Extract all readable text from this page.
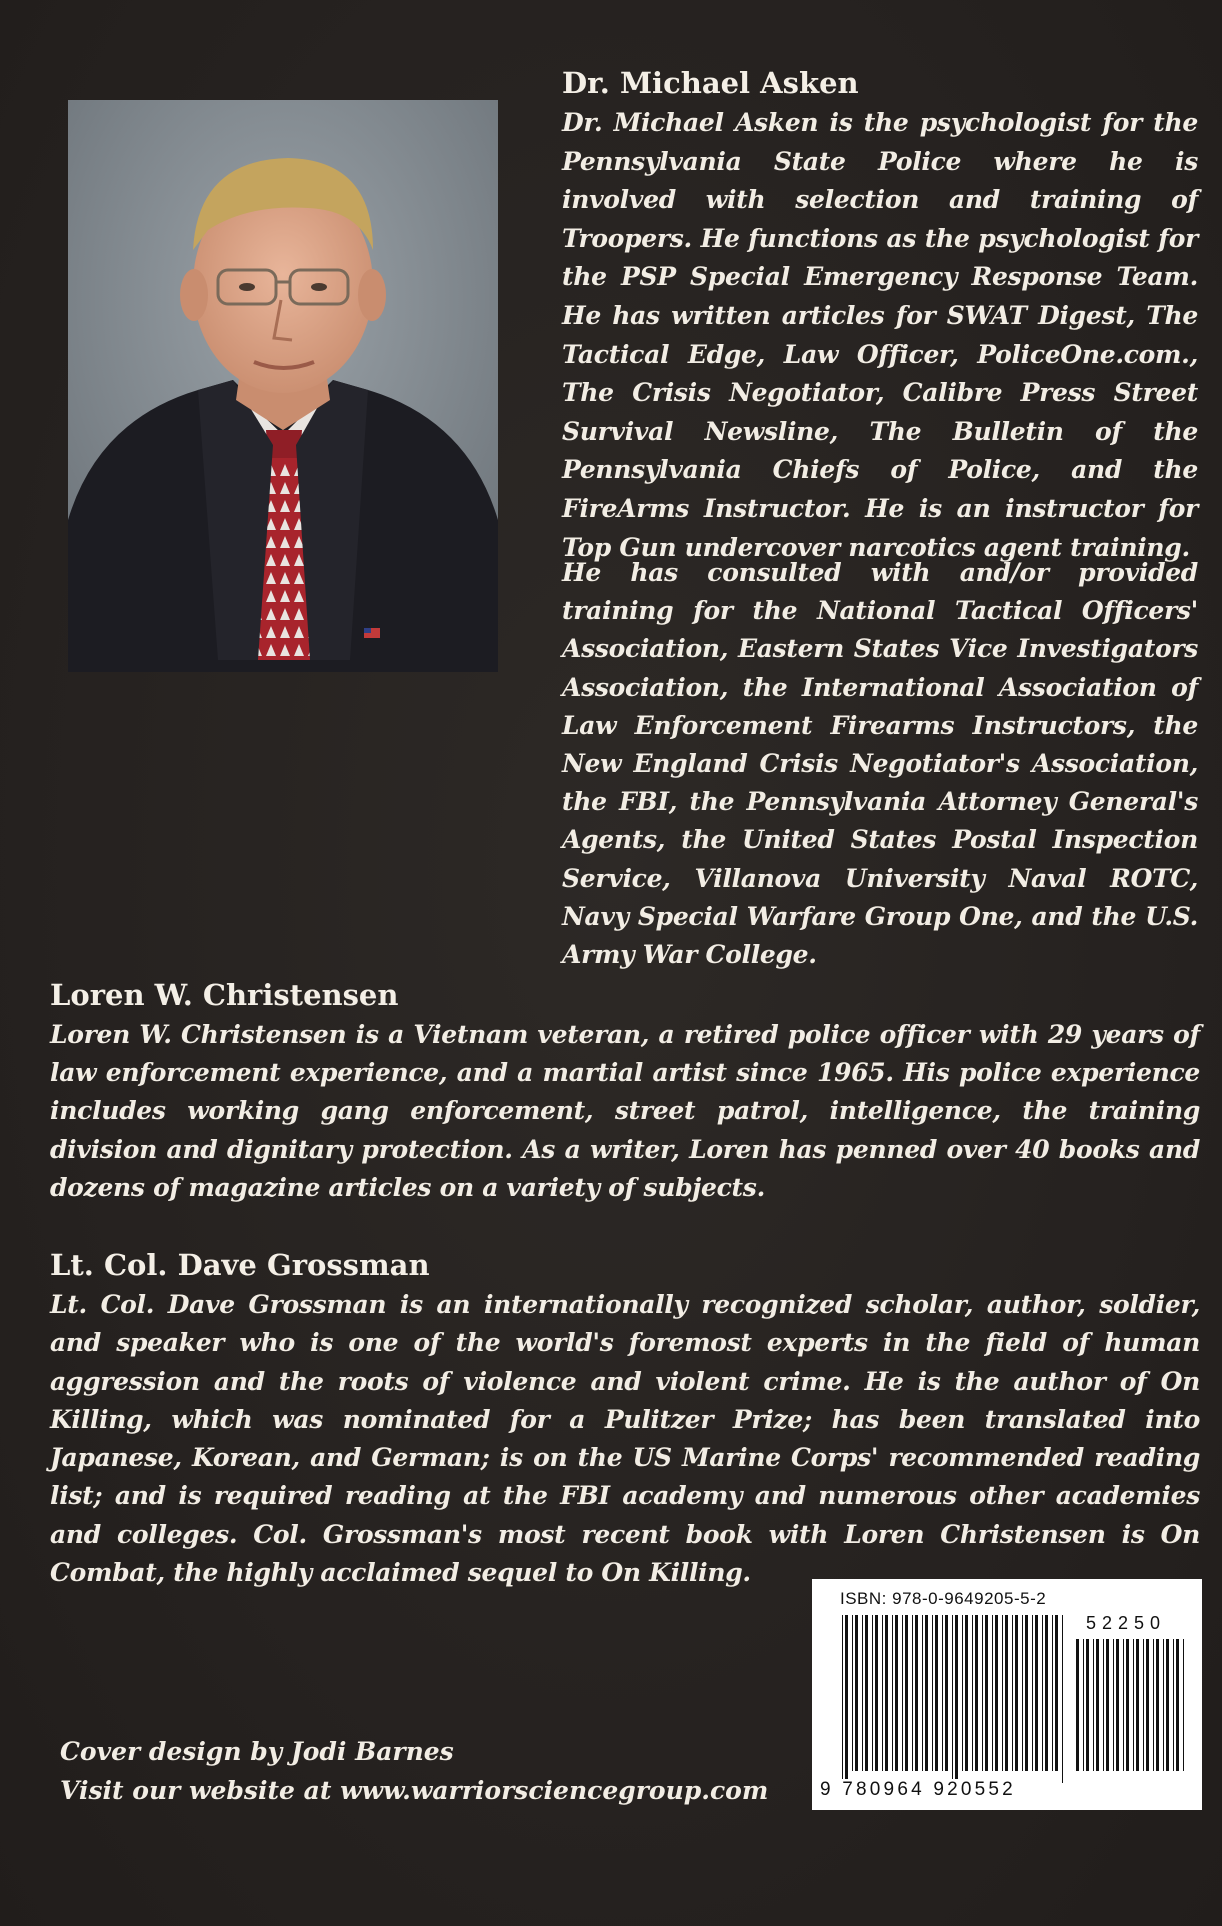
Dr. Michael Asken

Dr. Michael Asken is the psychologist for the Pennsylvania State Police where he is involved with selection and training of Troopers. He functions as the psychologist for the PSP Special Emergency Response Team. He has written articles for SWAT Digest, The Tactical Edge, Law Officer, PoliceOne.com., The Crisis Negotiator, Calibre Press Street Survival Newsline, The Bulletin of the Pennsylvania Chiefs of Police, and the FireArms Instructor. He is an instructor for Top Gun undercover narcotics agent training.

He has consulted with and/or provided training for the National Tactical Officers' Association, Eastern States Vice Investigators Association, the International Association of Law Enforcement Firearms Instructors, the New England Crisis Negotiator's Association, the FBI, the Pennsylvania Attorney General's Agents, the United States Postal Inspection Service, Villanova University Naval ROTC, Navy Special Warfare Group One, and the U.S. Army War College.

Loren W. Christensen

Loren W. Christensen is a Vietnam veteran, a retired police officer with 29 years of law enforcement experience, and a martial artist since 1965. His police experience includes working gang enforcement, street patrol, intelligence, the training division and dignitary protection. As a writer, Loren has penned over 40 books and dozens of magazine articles on a variety of subjects.

Lt. Col. Dave Grossman

Lt. Col. Dave Grossman is an internationally recognized scholar, author, soldier, and speaker who is one of the world's foremost experts in the field of human aggression and the roots of violence and violent crime. He is the author of On Killing, which was nominated for a Pulitzer Prize; has been translated into Japanese, Korean, and German; is on the US Marine Corps' recommended reading list; and is required reading at the FBI academy and numerous other academies and colleges. Col. Grossman's most recent book with Loren Christensen is On Combat, the highly acclaimed sequel to On Killing.

Cover design by Jodi Barnes

Visit our website at www.warriorsciencegroup.com

ISBN: 978-0-9649205-5-2
52250
9 780964 920552
